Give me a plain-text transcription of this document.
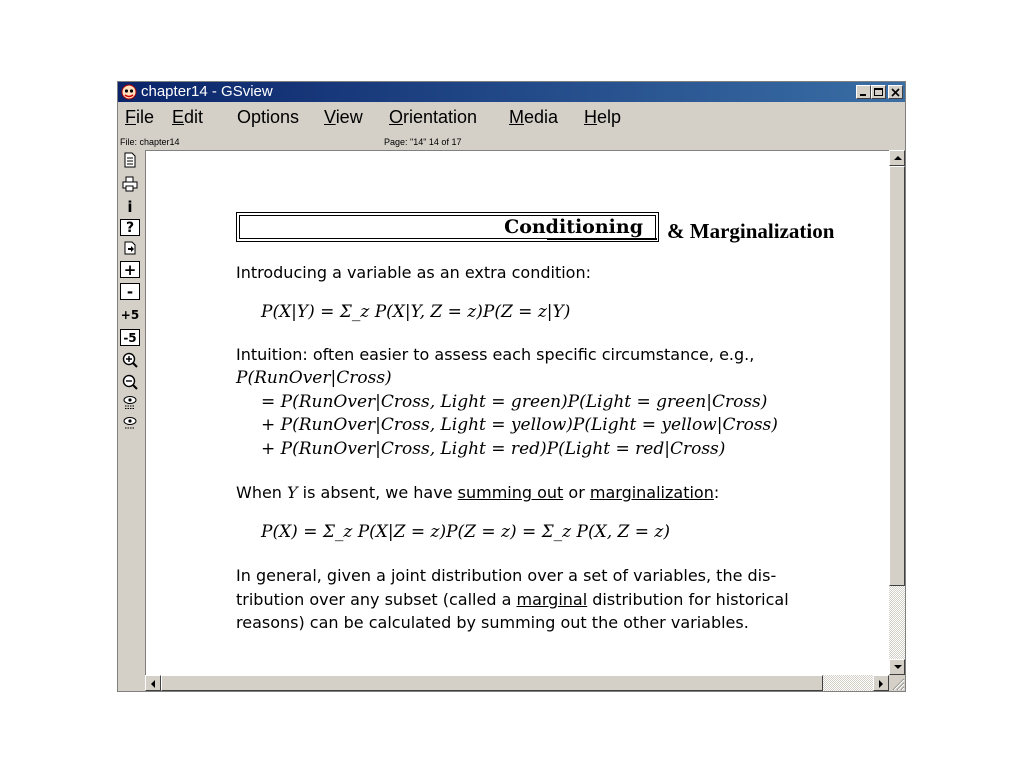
chapter14 - GSview
File Edit Options View Orientation Media Help
File: chapter14	Page: "14" 14 of 17
i
?
+
-
+5
-5
Conditioning & Marginalization
Introducing a variable as an extra condition:
P(X|Y) = Σ_z P(X|Y, Z = z)P(Z = z|Y)
Intuition: often easier to assess each specific circumstance, e.g.,
P(RunOver|Cross)
= P(RunOver|Cross, Light = green)P(Light = green|Cross)
+ P(RunOver|Cross, Light = yellow)P(Light = yellow|Cross)
+ P(RunOver|Cross, Light = red)P(Light = red|Cross)
When Y is absent, we have summing out or marginalization:
P(X) = Σ_z P(X|Z = z)P(Z = z) = Σ_z P(X, Z = z)
In general, given a joint distribution over a set of variables, the dis-
tribution over any subset (called a marginal distribution for historical
reasons) can be calculated by summing out the other variables.
